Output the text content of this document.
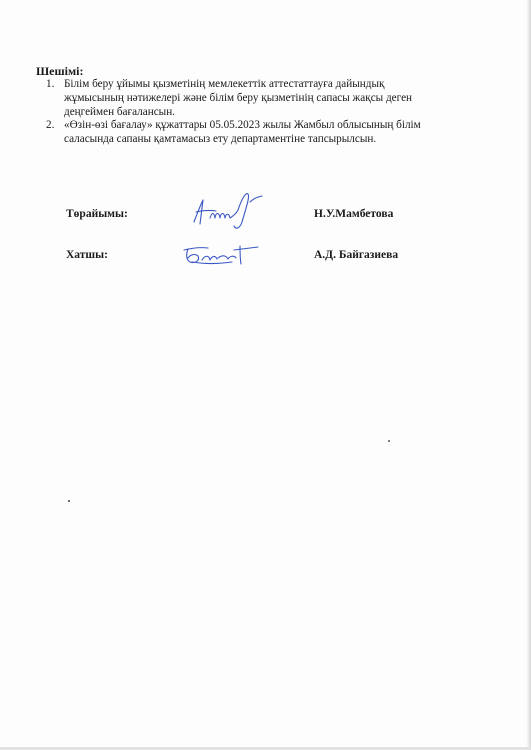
Шешімі:

1. Білім беру ұйымы қызметінің мемлекеттік аттестаттауға дайындық
жұмысының нәтижелері және білім беру қызметінің сапасы жақсы деген
деңгеймен бағалансын.
2. «Өзін-өзі бағалау» құжаттары 05.05.2023 жылы Жамбыл облысының білім
саласында сапаны қамтамасыз ету департаментіне тапсырылсын.
Төрайымы:	Н.У.Мамбетова
Хатшы:	А.Д. Байгазиева
